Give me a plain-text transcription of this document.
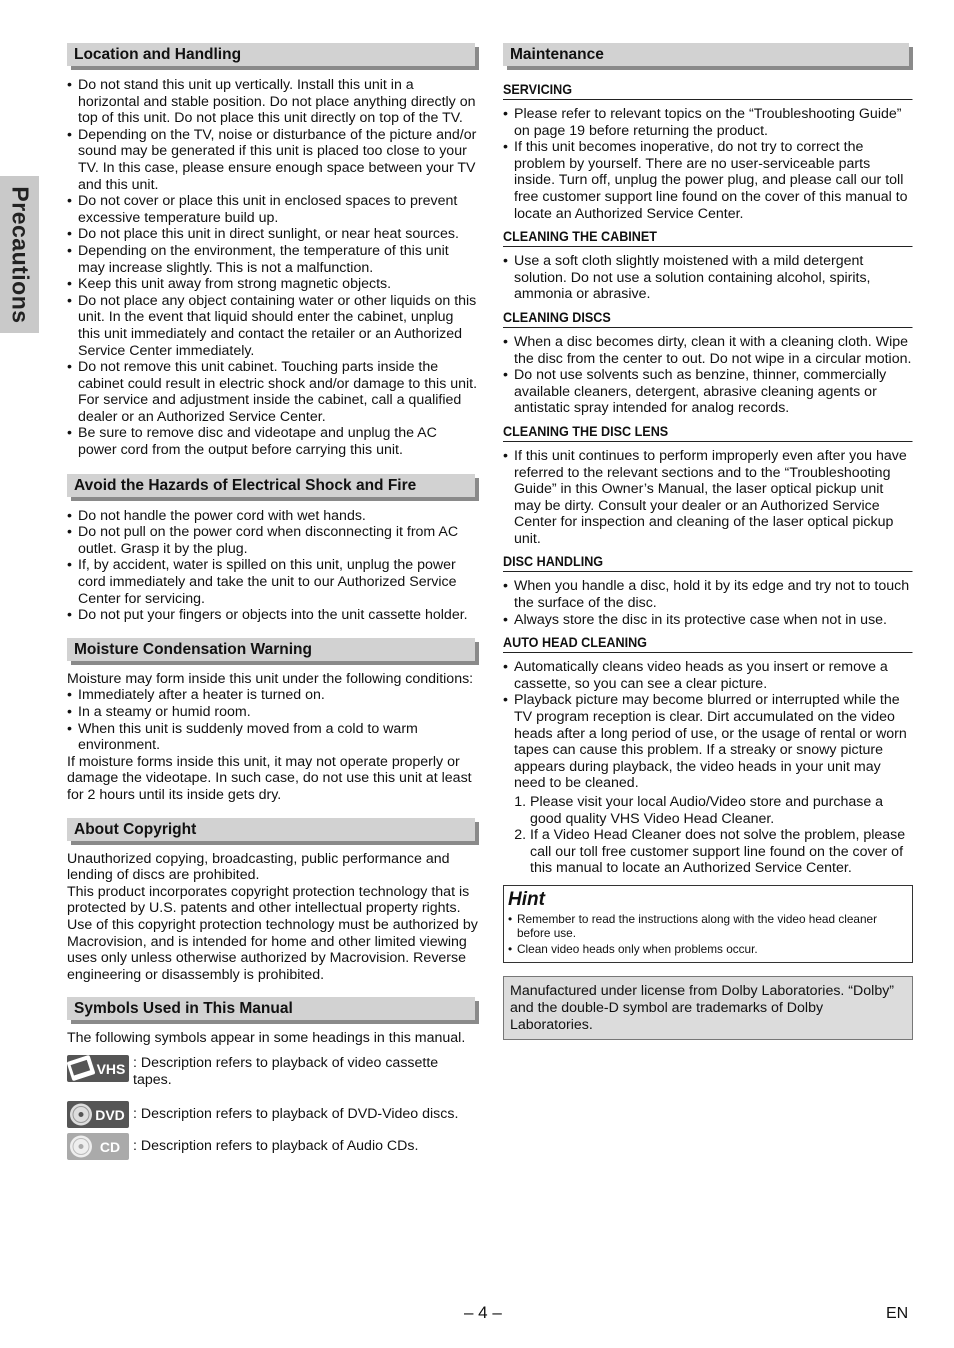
Precautions
Location and Handling
• Do not stand this unit up vertically. Install this unit in a horizontal and stable position. Do not place anything directly on top of this unit. Do not place this unit directly on top of the TV.
• Depending on the TV, noise or disturbance of the picture and/or sound may be generated if this unit is placed too close to your TV. In this case, please ensure enough space between your TV and this unit.
• Do not cover or place this unit in enclosed spaces to prevent excessive temperature build up.
• Do not place this unit in direct sunlight, or near heat sources.
• Depending on the environment, the temperature of this unit may increase slightly. This is not a malfunction.
• Keep this unit away from strong magnetic objects.
• Do not place any object containing water or other liquids on this unit. In the event that liquid should enter the cabinet, unplug this unit immediately and contact the retailer or an Authorized Service Center immediately.
• Do not remove this unit cabinet. Touching parts inside the cabinet could result in electric shock and/or damage to this unit. For service and adjustment inside the cabinet, call a qualified dealer or an Authorized Service Center.
• Be sure to remove disc and videotape and unplug the AC power cord from the output before carrying this unit.
Avoid the Hazards of Electrical Shock and Fire
• Do not handle the power cord with wet hands.
• Do not pull on the power cord when disconnecting it from AC outlet. Grasp it by the plug.
• If, by accident, water is spilled on this unit, unplug the power cord immediately and take the unit to our Authorized Service Center for servicing.
• Do not put your fingers or objects into the unit cassette holder.
Moisture Condensation Warning

Moisture may form inside this unit under the following conditions:

• Immediately after a heater is turned on.
• In a steamy or humid room.
• When this unit is suddenly moved from a cold to warm environment.

If moisture forms inside this unit, it may not operate properly or damage the videotape. In such case, do not use this unit at least for 2 hours until its inside gets dry.

About Copyright

Unauthorized copying, broadcasting, public performance and lending of discs are prohibited.

This product incorporates copyright protection technology that is protected by U.S. patents and other intellectual property rights. Use of this copyright protection technology must be authorized by Macrovision, and is intended for home and other limited viewing uses only unless otherwise authorized by Macrovision. Reverse engineering or disassembly is prohibited.

Symbols Used in This Manual

The following symbols appear in some headings in this manual.

VHS : Description refers to playback of video cassette tapes.
DVD : Description refers to playback of DVD-Video discs.
CD : Description refers to playback of Audio CDs.
Maintenance
SERVICING
• Please refer to relevant topics on the “Troubleshooting Guide” on page 19 before returning the product.
• If this unit becomes inoperative, do not try to correct the problem by yourself. There are no user-serviceable parts inside. Turn off, unplug the power plug, and please call our toll free customer support line found on the cover of this manual to locate an Authorized Service Center.
CLEANING THE CABINET
• Use a soft cloth slightly moistened with a mild detergent solution. Do not use a solution containing alcohol, spirits, ammonia or abrasive.
CLEANING DISCS
• When a disc becomes dirty, clean it with a cleaning cloth. Wipe the disc from the center to out. Do not wipe in a circular motion.
• Do not use solvents such as benzine, thinner, commercially available cleaners, detergent, abrasive cleaning agents or antistatic spray intended for analog records.
CLEANING THE DISC LENS
• If this unit continues to perform improperly even after you have referred to the relevant sections and to the “Troubleshooting Guide” in this Owner’s Manual, the laser optical pickup unit may be dirty. Consult your dealer or an Authorized Service Center for inspection and cleaning of the laser optical pickup unit.
DISC HANDLING
• When you handle a disc, hold it by its edge and try not to touch the surface of the disc.
• Always store the disc in its protective case when not in use.
AUTO HEAD CLEANING
• Automatically cleans video heads as you insert or remove a cassette, so you can see a clear picture.
• Playback picture may become blurred or interrupted while the TV program reception is clear. Dirt accumulated on the video heads after a long period of use, or the usage of rental or worn tapes can cause this problem. If a streaky or snowy picture appears during playback, the video heads in your unit may need to be cleaned.
1. Please visit your local Audio/Video store and purchase a good quality VHS Video Head Cleaner.
2. If a Video Head Cleaner does not solve the problem, please call our toll free customer support line found on the cover of this manual to locate an Authorized Service Center.
Hint
• Remember to read the instructions along with the video head cleaner before use.
• Clean video heads only when problems occur.
Manufactured under license from Dolby Laboratories. “Dolby” and the double-D symbol are trademarks of Dolby Laboratories.
– 4 –	EN
